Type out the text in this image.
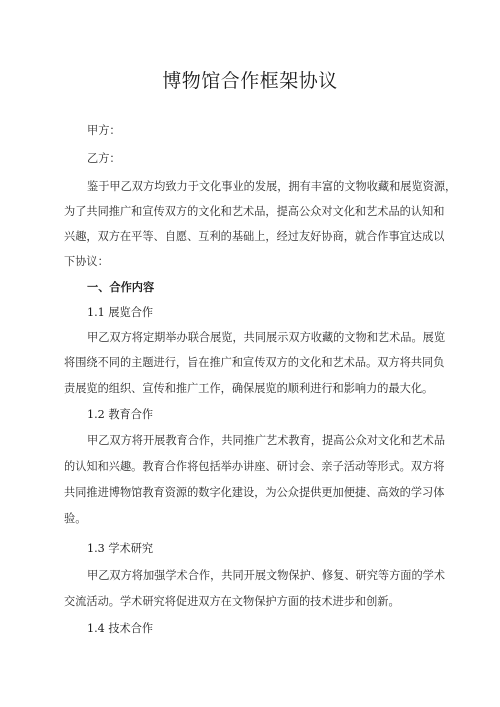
博物馆合作框架协议
甲方：
乙方：
鉴于甲乙双方均致力于文化事业的发展，拥有丰富的文物收藏和展览资源，
为了共同推广和宣传双方的文化和艺术品，提高公众对文化和艺术品的认知和
兴趣，双方在平等、自愿、互利的基础上，经过友好协商，就合作事宜达成以
下协议：
一、合作内容
1.1 展览合作
甲乙双方将定期举办联合展览，共同展示双方收藏的文物和艺术品。展览
将围绕不同的主题进行，旨在推广和宣传双方的文化和艺术品。双方将共同负
责展览的组织、宣传和推广工作，确保展览的顺利进行和影响力的最大化。
1.2 教育合作
甲乙双方将开展教育合作，共同推广艺术教育，提高公众对文化和艺术品
的认知和兴趣。教育合作将包括举办讲座、研讨会、亲子活动等形式。双方将
共同推进博物馆教育资源的数字化建设，为公众提供更加便捷、高效的学习体
验。
1.3 学术研究
甲乙双方将加强学术合作，共同开展文物保护、修复、研究等方面的学术
交流活动。学术研究将促进双方在文物保护方面的技术进步和创新。
1.4 技术合作
